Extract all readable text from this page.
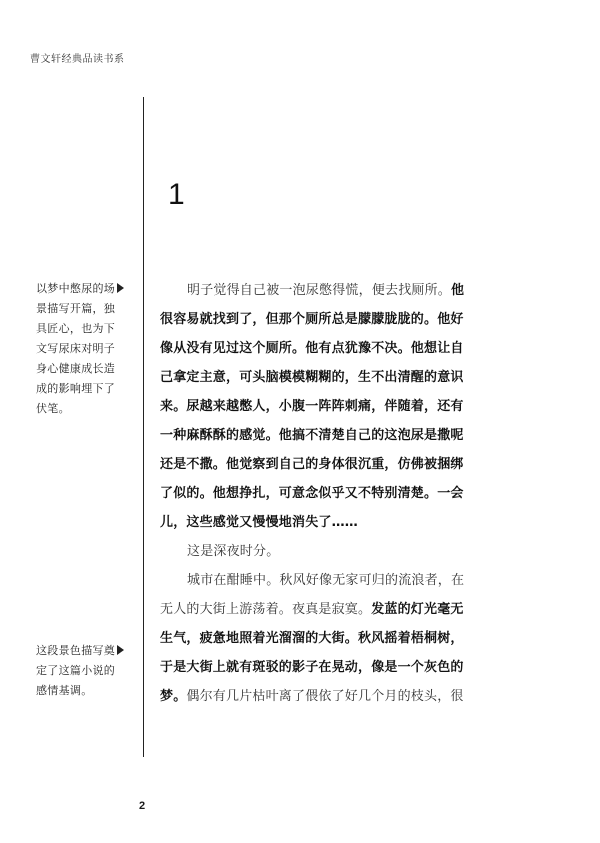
曹文轩经典品读书系
1
以梦中憋尿的场
景描写开篇，独
具匠心，也为下
文写尿床对明子
身心健康成长造
成的影响埋下了
伏笔。
这段景色描写奠
定了这篇小说的
感情基调。
明子觉得自己被一泡尿憋得慌，便去找厕所。他
很容易就找到了，但那个厕所总是朦朦胧胧的。他好
像从没有见过这个厕所。他有点犹豫不决。他想让自
己拿定主意，可头脑模模糊糊的，生不出清醒的意识
来。尿越来越憋人，小腹一阵阵刺痛，伴随着，还有
一种麻酥酥的感觉。他搞不清楚自己的这泡尿是撒呢
还是不撒。他觉察到自己的身体很沉重，仿佛被捆绑
了似的。他想挣扎，可意念似乎又不特别清楚。一会
儿，这些感觉又慢慢地消失了……
这是深夜时分。
城市在酣睡中。秋风好像无家可归的流浪者，在
无人的大街上游荡着。夜真是寂寞。发蓝的灯光毫无
生气，疲惫地照着光溜溜的大街。秋风摇着梧桐树，
于是大街上就有斑驳的影子在晃动，像是一个灰色的
梦。偶尔有几片枯叶离了偎依了好几个月的枝头，很
2
